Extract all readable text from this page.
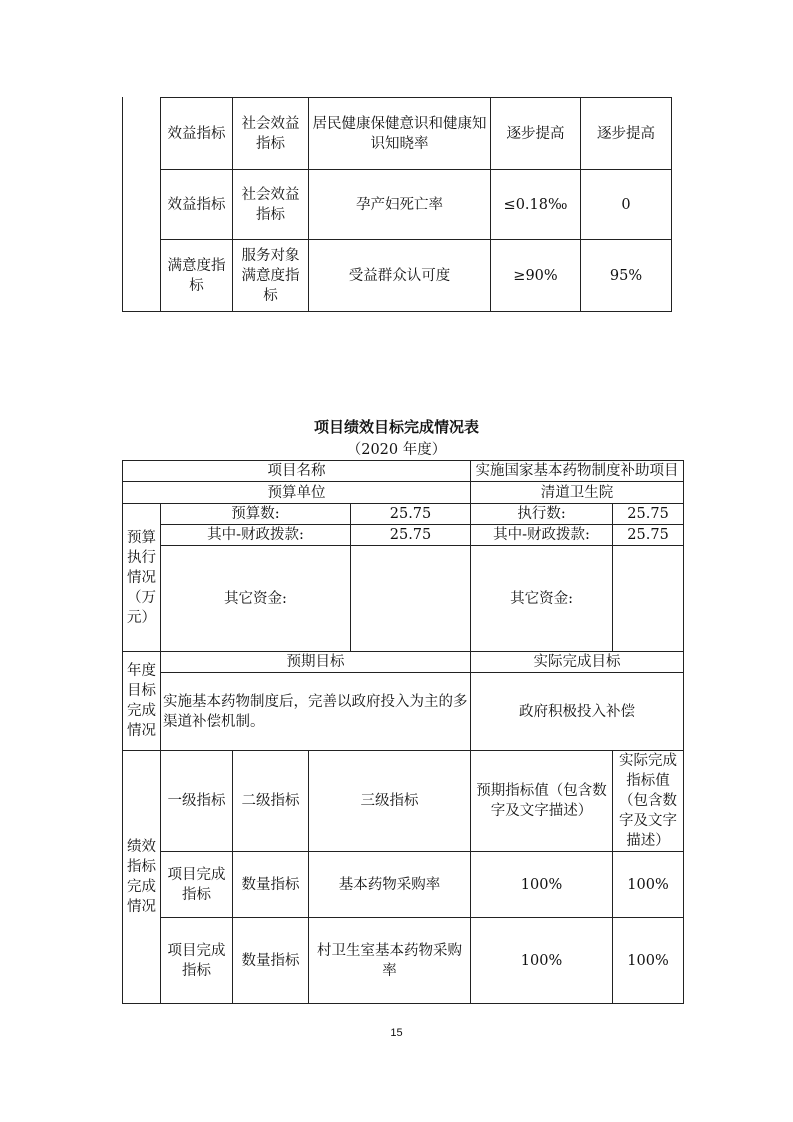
效益指标	社会效益指标	居民健康保健意识和健康知识知晓率	逐步提高	逐步提高
效益指标	社会效益指标	孕产妇死亡率	≤0.18‰	0
满意度指标	服务对象满意度指标	受益群众认可度	≥90%	95%
项目绩效目标完成情况表
（2020 年度）
项目名称					实施国家基本药物制度补助项目	
预算单位					清道卫生院	
预算执行情况（万元）	预算数:			25.75	执行数:	25.75
	其中-财政拨款:			25.75	其中-财政拨款:	25.75
	其它资金:				其它资金:	
年度目标完成情况	预期目标				实际完成目标	
	实施基本药物制度后，完善以政府投入为主的多渠道补偿机制。				政府积极投入补偿	
绩效指标完成情况	一级指标	二级指标	三级指标		预期指标值（包含数字及文字描述）	实际完成指标值（包含数字及文字描述）
	项目完成指标	数量指标	基本药物采购率		100%	100%
	项目完成指标	数量指标	村卫生室基本药物采购率		100%	100%
15
